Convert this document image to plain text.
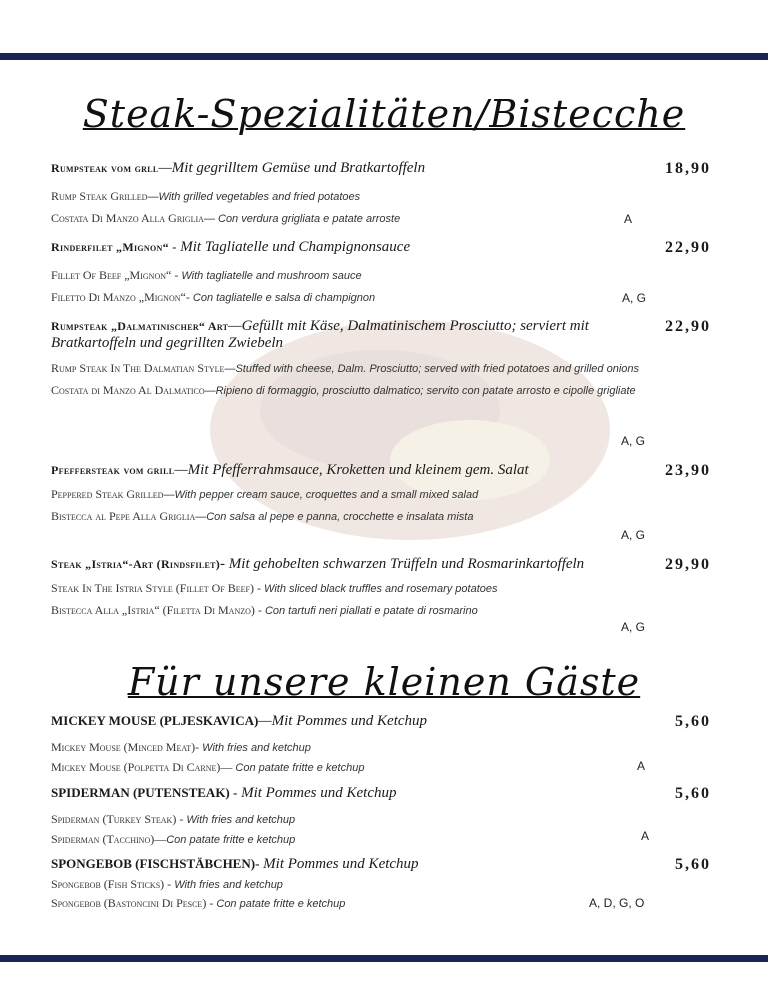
Steak-Spezialitäten/Bistecche
Rumpsteak vom grll—Mit gegrilltem Gemüse und Bratkartoffeln	18,90
Rump Steak Grilled—With grilled vegetables and fried potatoes
Costata Di Manzo Alla Griglia— Con verdura grigliata e patate arroste	A
Rinderfilet „Mignon“ - Mit Tagliatelle und Champignonsauce	22,90
Fillet Of Beef „Mignon“ - With tagliatelle and mushroom sauce
Filetto Di Manzo „Mignon“- Con tagliatelle e salsa di champignon	A, G
Rumpsteak „Dalmatinischer“ Art—Gefüllt mit Käse, Dalmatinischem Prosciutto; serviert mit Bratkartoffeln und gegrillten Zwiebeln
22,90
Rump Steak In The Dalmatian Style—Stuffed with cheese, Dalm. Prosciutto; served with fried potatoes and grilled onions
Costata di Manzo Al Dalmatico—Ripieno di formaggio, prosciutto dalmatico; servito con patate arrosto e cipolle grigliate
A, G
Pfeffersteak vom grill—Mit Pfefferrahmsauce, Kroketten und kleinem gem. Salat	23,90
Peppered Steak Grilled—With pepper cream sauce, croquettes and a small mixed salad
Bistecca al Pepe Alla Griglia—Con salsa al pepe e panna, crocchette e insalata mista
A, G
Steak „Istria“-Art (Rindsfilet)- Mit gehobelten schwarzen Trüffeln und Rosmarinkartoffeln	29,90
Steak In The Istria Style (Fillet Of Beef) - With sliced black truffles and rosemary potatoes
Bistecca Alla „Istria“ (Filetta Di Manzo) - Con tartufi neri piallati e patate di rosmarino
A, G
Für unsere kleinen Gäste
MICKEY MOUSE (PLJESKAVICA)—Mit Pommes und Ketchup	5,60
Mickey Mouse (Minced Meat)- With fries and ketchup
Mickey Mouse (Polpetta Di Carne)— Con patate fritte e ketchup	A
SPIDERMAN (PUTENSTEAK) - Mit Pommes und Ketchup	5,60
Spiderman (Turkey Steak) - With fries and ketchup
Spiderman (Tacchino)—Con patate fritte e ketchup	A
SPONGEBOB (FISCHSTÄBCHEN)- Mit Pommes und Ketchup	5,60
Spongebob (Fish Sticks) - With fries and ketchup
Spongebob (Bastoncini Di Pesce) - Con patate fritte e ketchup	A, D, G, O
